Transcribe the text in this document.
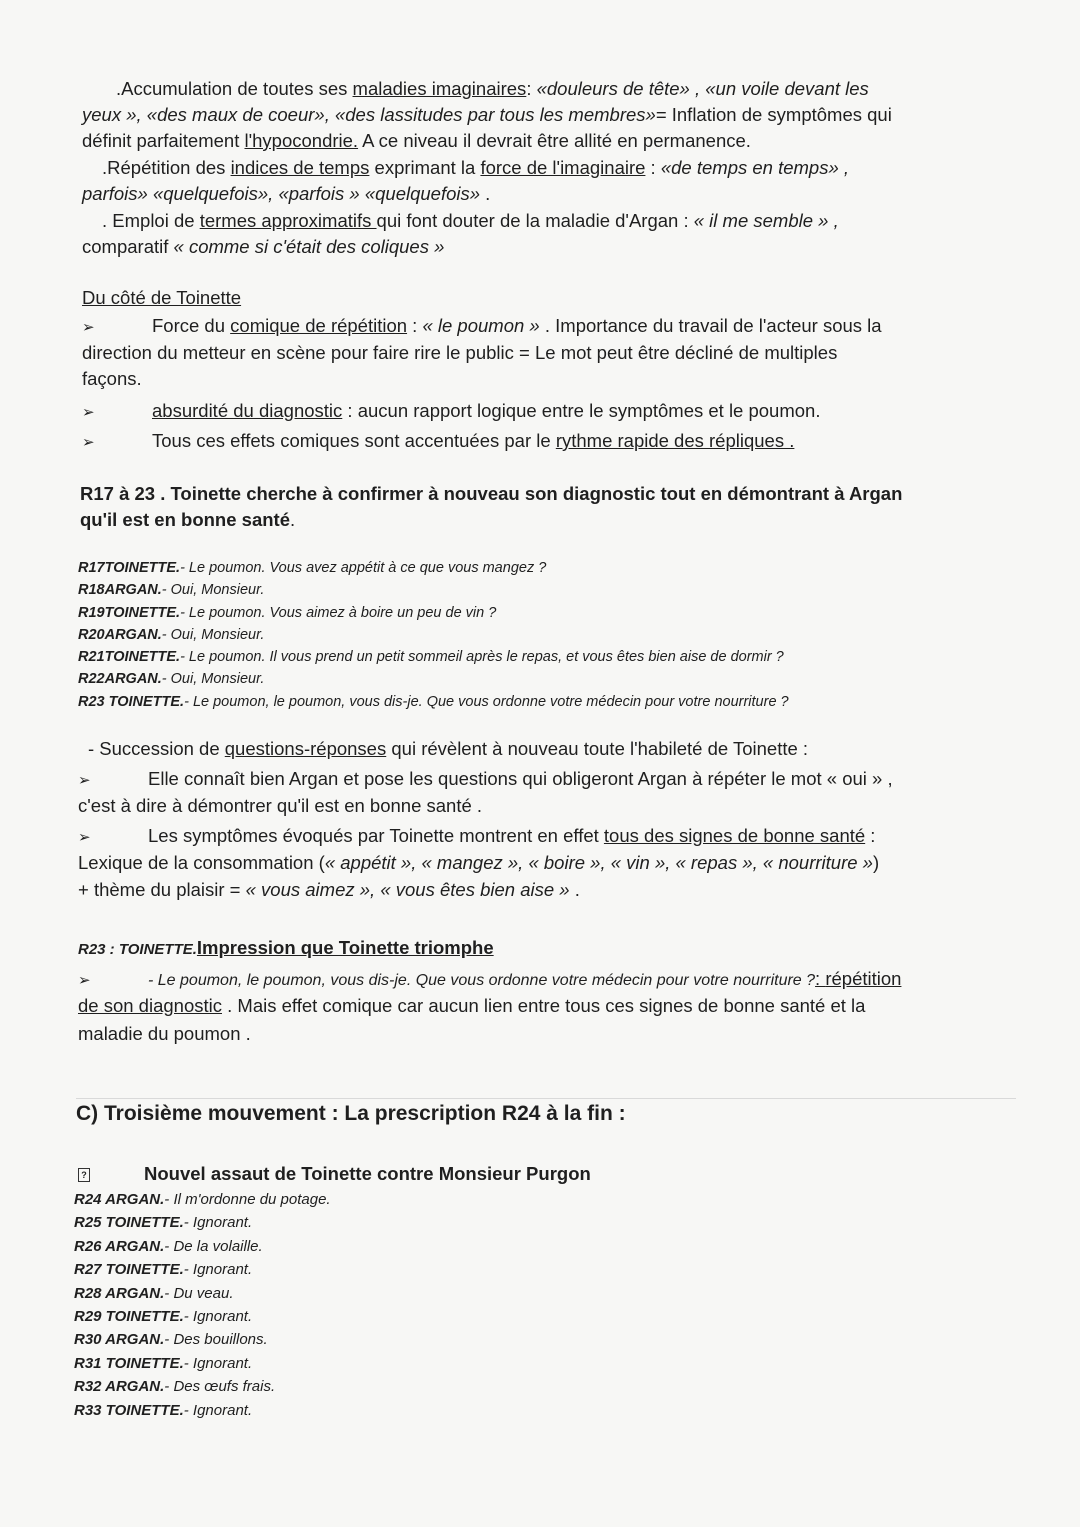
.Accumulation de toutes ses maladies imaginaires: «douleurs de tête» , «un voile devant les
yeux », «des maux de coeur», «des lassitudes par tous les membres»= Inflation de symptômes qui
définit parfaitement l'hypocondrie. A ce niveau il devrait être allité en permanence.
.Répétition des indices de temps exprimant la force de l'imaginaire : «de temps en temps» ,
parfois» «quelquefois», «parfois » «quelquefois» .
. Emploi de termes approximatifs qui font douter de la maladie d'Argan : « il me semble » ,
comparatif « comme si c'était des coliques »
Du côté de Toinette
➢	Force du comique de répétition : « le poumon » . Importance du travail de l'acteur sous la
direction du metteur en scène pour faire rire le public = Le mot peut être décliné de multiples
façons.
➢	absurdité du diagnostic : aucun rapport logique entre le symptômes et le poumon.
➢	Tous ces effets comiques sont accentuées par le rythme rapide des répliques .
R17 à 23 . Toinette cherche à confirmer à nouveau son diagnostic tout en démontrant à Argan
qu'il est en bonne santé.
R17TOINETTE.- Le poumon. Vous avez appétit à ce que vous mangez ?
R18ARGAN.- Oui, Monsieur.
R19TOINETTE.- Le poumon. Vous aimez à boire un peu de vin ?
R20ARGAN.- Oui, Monsieur.
R21TOINETTE.- Le poumon. Il vous prend un petit sommeil après le repas, et vous êtes bien aise de dormir ?
R22ARGAN.- Oui, Monsieur.
R23 TOINETTE.- Le poumon, le poumon, vous dis-je. Que vous ordonne votre médecin pour votre nourriture ?
- Succession de questions-réponses qui révèlent à nouveau toute l'habileté de Toinette :
➢	Elle connaît bien Argan et pose les questions qui obligeront Argan à répéter le mot « oui » ,
c'est à dire à démontrer qu'il est en bonne santé .
➢	Les symptômes évoqués par Toinette montrent en effet tous des signes de bonne santé :
Lexique de la consommation (« appétit », « mangez », « boire », « vin », « repas », « nourriture »)
+ thème du plaisir = « vous aimez », « vous êtes bien aise » .
R23 : TOINETTE.Impression que Toinette triomphe
➢	- Le poumon, le poumon, vous dis-je. Que vous ordonne votre médecin pour votre nourriture ?: répétition
de son diagnostic . Mais effet comique car aucun lien entre tous ces signes de bonne santé et la
maladie du poumon .
C) Troisième mouvement : La prescription R24 à la fin :
?	Nouvel assaut de Toinette contre Monsieur Purgon
R24 ARGAN.- Il m'ordonne du potage.
R25 TOINETTE.- Ignorant.
R26 ARGAN.- De la volaille.
R27 TOINETTE.- Ignorant.
R28 ARGAN.- Du veau.
R29 TOINETTE.- Ignorant.
R30 ARGAN.- Des bouillons.
R31 TOINETTE.- Ignorant.
R32 ARGAN.- Des œufs frais.
R33 TOINETTE.- Ignorant.
